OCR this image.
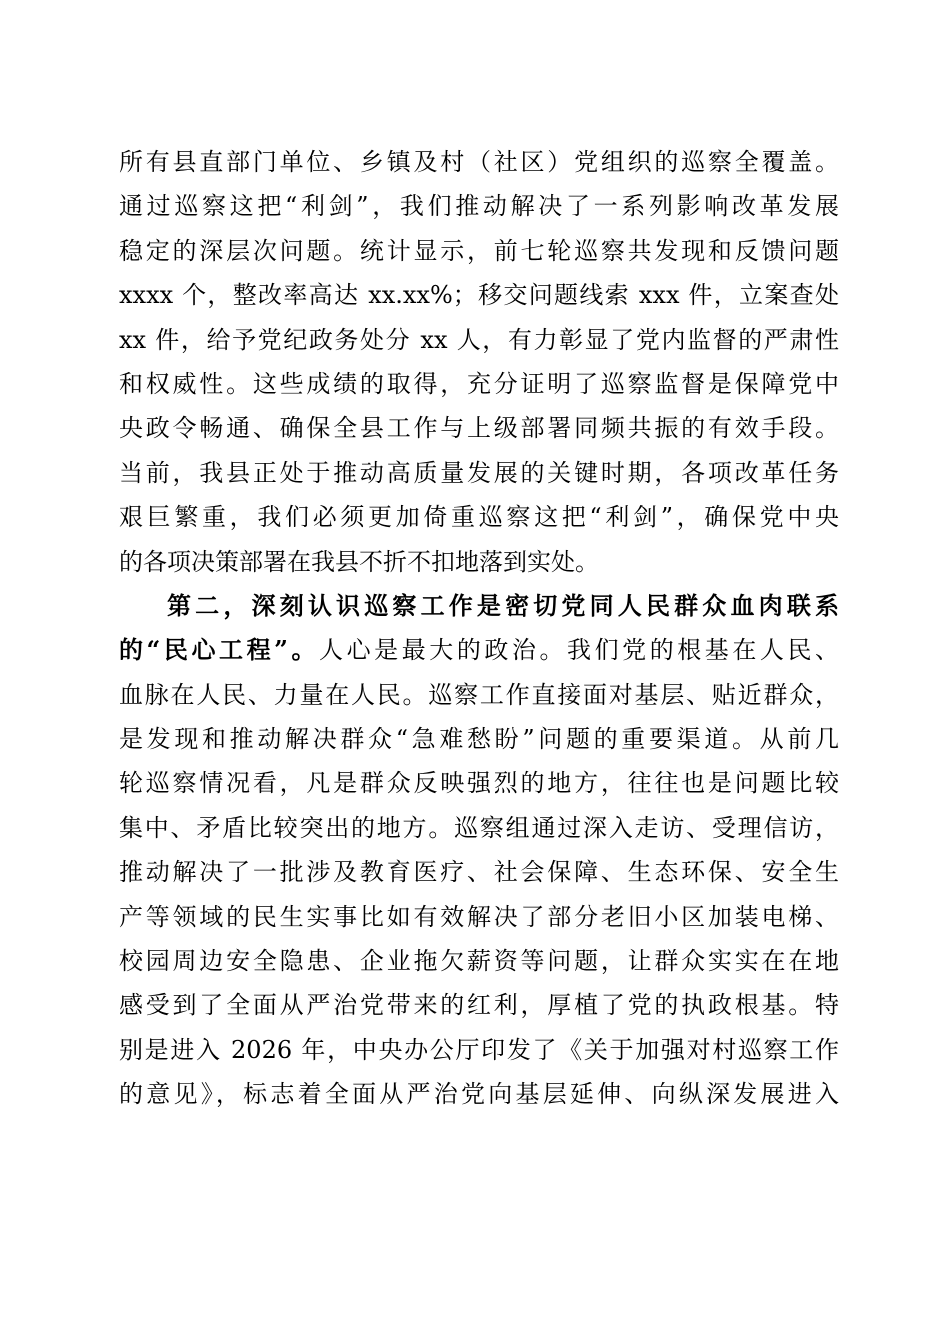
所有县直部门单位、乡镇及村（社区）党组织的巡察全覆盖。
通过巡察这把“利剑”，我们推动解决了一系列影响改革发展
稳定的深层次问题。统计显示，前七轮巡察共发现和反馈问题
xxxx 个，整改率高达 xx.xx%；移交问题线索 xxx 件，立案查处
xx 件，给予党纪政务处分 xx 人，有力彰显了党内监督的严肃性
和权威性。这些成绩的取得，充分证明了巡察监督是保障党中
央政令畅通、确保全县工作与上级部署同频共振的有效手段。
当前，我县正处于推动高质量发展的关键时期，各项改革任务
艰巨繁重，我们必须更加倚重巡察这把“利剑”，确保党中央
的各项决策部署在我县不折不扣地落到实处。
第二，深刻认识巡察工作是密切党同人民群众血肉联系
的“民心工程”。人心是最大的政治。我们党的根基在人民、
血脉在人民、力量在人民。巡察工作直接面对基层、贴近群众，
是发现和推动解决群众“急难愁盼”问题的重要渠道。从前几
轮巡察情况看，凡是群众反映强烈的地方，往往也是问题比较
集中、矛盾比较突出的地方。巡察组通过深入走访、受理信访，
推动解决了一批涉及教育医疗、社会保障、生态环保、安全生
产等领域的民生实事比如有效解决了部分老旧小区加装电梯、
校园周边安全隐患、企业拖欠薪资等问题，让群众实实在在地
感受到了全面从严治党带来的红利，厚植了党的执政根基。特
别是进入 2026 年，中央办公厅印发了《关于加强对村巡察工作
的意见》，标志着全面从严治党向基层延伸、向纵深发展进入
